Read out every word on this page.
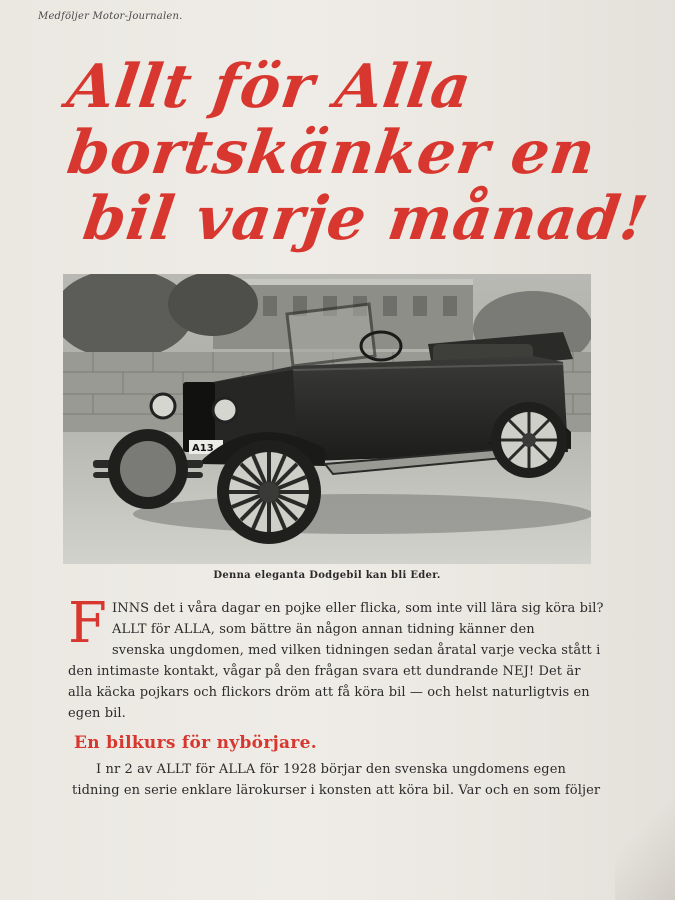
Medföljer Motor-Journalen.

Allt för Alla
bortskänker en
bil varje månad!
A13

Denna eleganta Dodgebil kan bli Eder.

F INNS det i våra dagar en pojke eller flicka, som inte vill lära sig köra bil?

ALLT för ALLA, som bättre än någon annan tidning känner den

svenska ungdomen, med vilken tidningen sedan åratal varje vecka stått i

den intimaste kontakt, vågar på den frågan svara ett dundrande NEJ! Det är

alla käcka pojkars och flickors dröm att få köra bil — och helst naturligtvis en

egen bil.

En bilkurs för nybörjare.

I nr 2 av ALLT för ALLA för 1928 börjar den svenska ungdomens egen

tidning en serie enklare lärokurser i konsten att köra bil. Var och en som följer
